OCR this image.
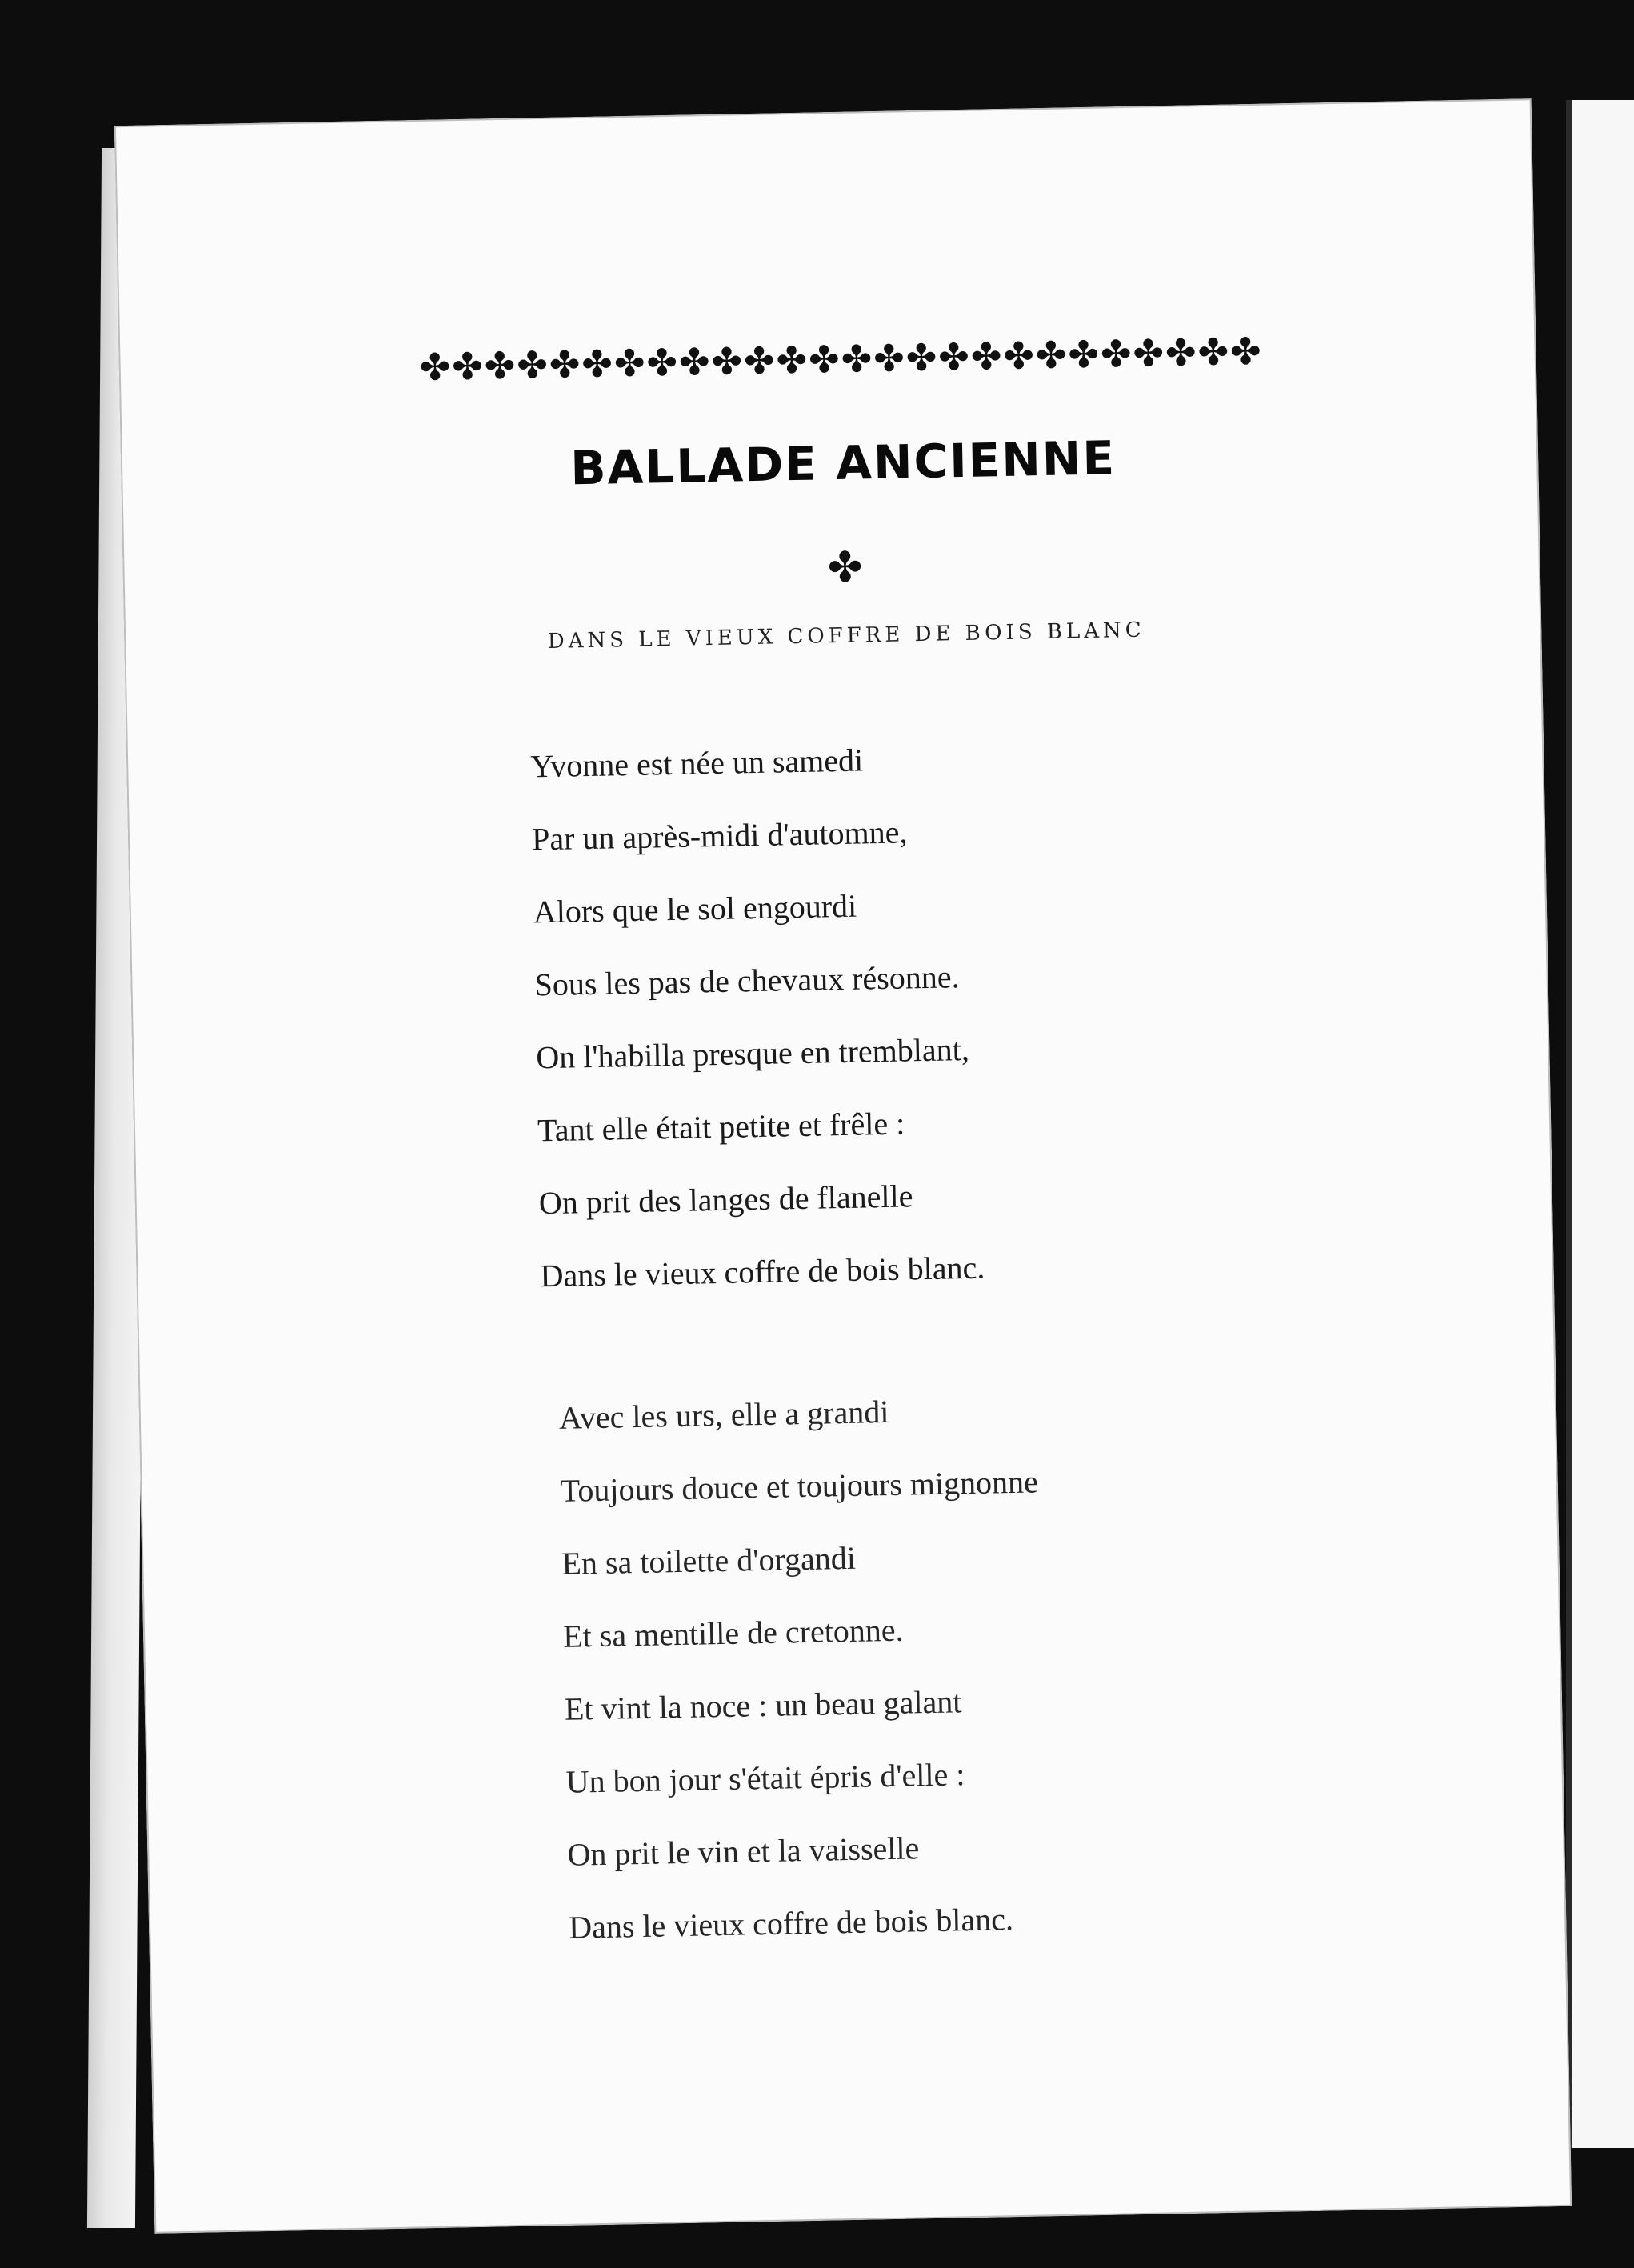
✤✤✤✤✤✤✤✤✤✤✤✤✤✤✤✤✤✤✤✤✤✤✤✤✤✤
BALLADE ANCIENNE
✤
DANS LE VIEUX COFFRE DE BOIS BLANC
Yvonne est née un samedi
Par un après-midi d'automne,
Alors que le sol engourdi
Sous les pas de chevaux résonne.
On l'habilla presque en tremblant,
Tant elle était petite et frêle :
On prit des langes de flanelle
Dans le vieux coffre de bois blanc.
Avec les urs, elle a grandi
Toujours douce et toujours mignonne
En sa toilette d'organdi
Et sa mentille de cretonne.
Et vint la noce : un beau galant
Un bon jour s'était épris d'elle :
On prit le vin et la vaisselle
Dans le vieux coffre de bois blanc.
